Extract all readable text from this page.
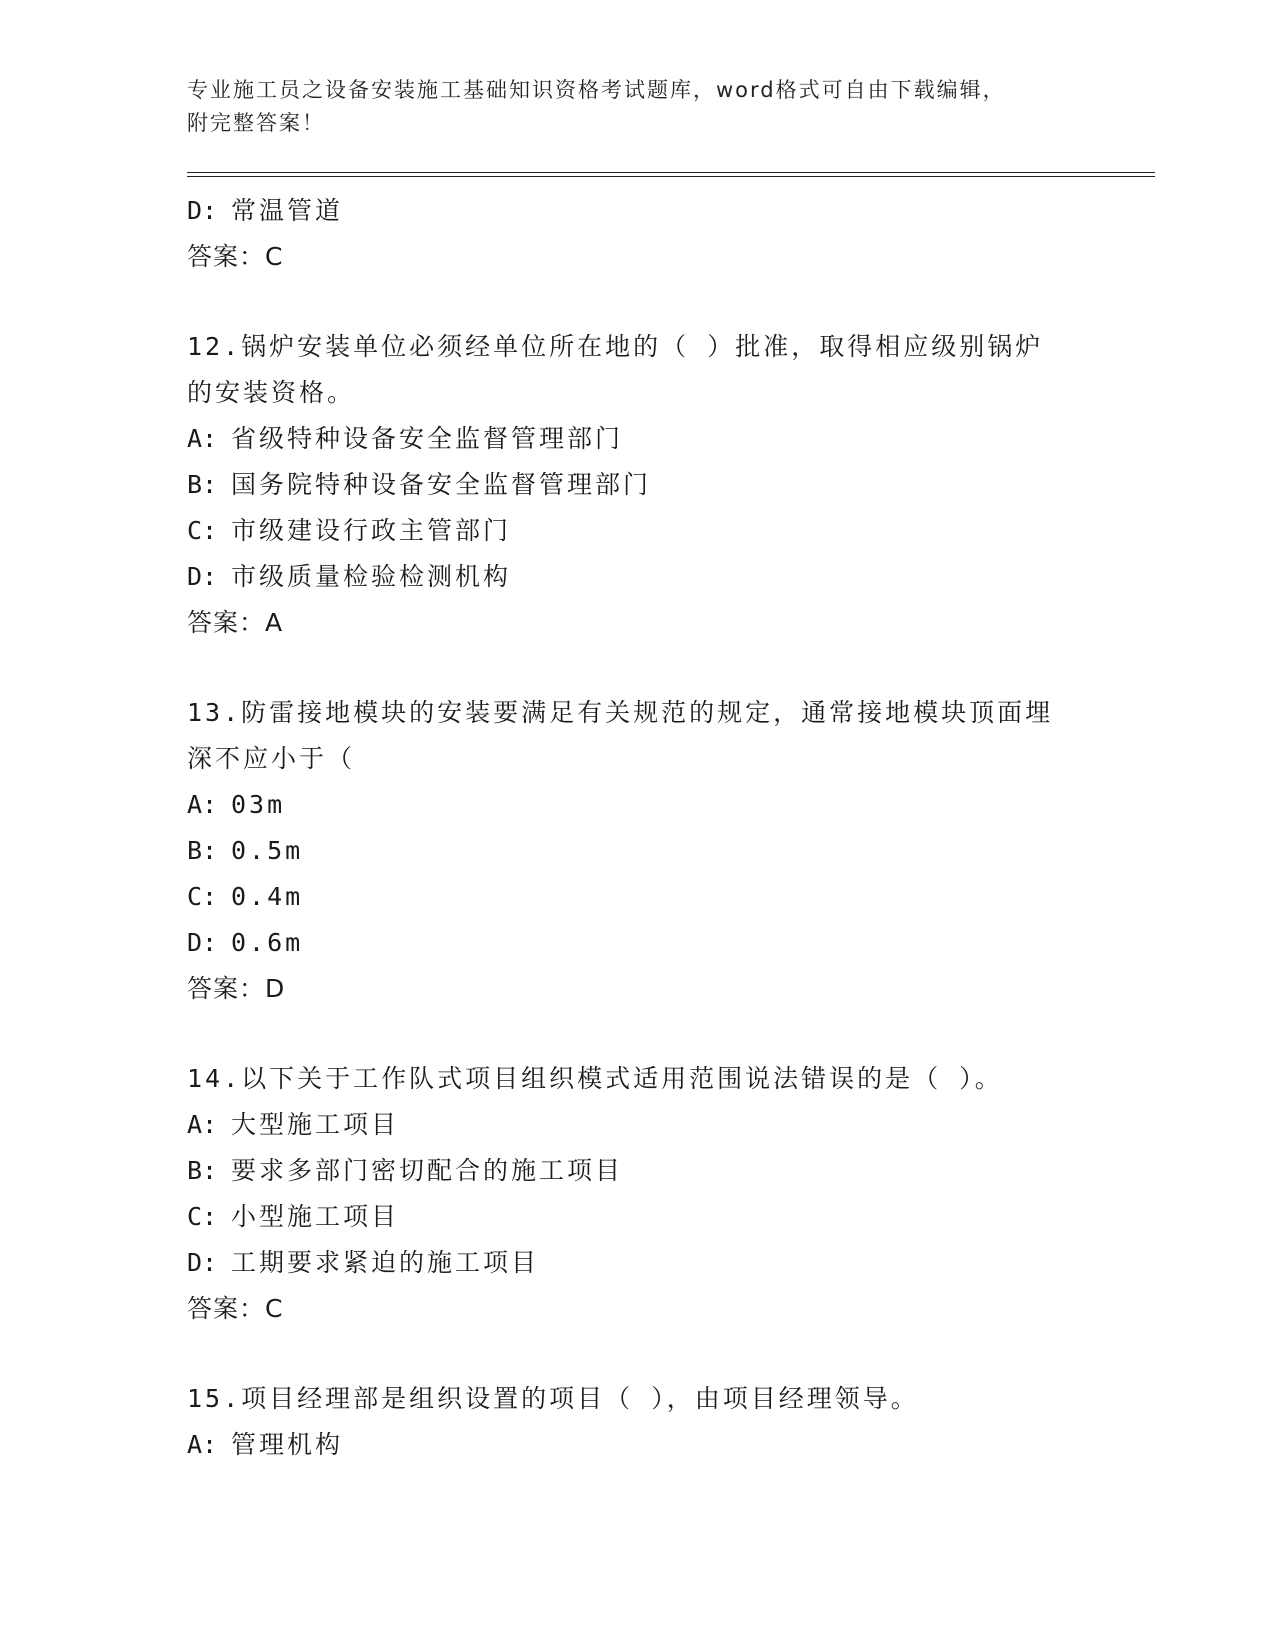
专业施工员之设备安装施工基础知识资格考试题库，word格式可自由下载编辑，
附完整答案！
D: 常温管道
答案：C
12.锅炉安装单位必须经单位所在地的（ ）批准，取得相应级别锅炉
的安装资格。
A: 省级特种设备安全监督管理部门
B: 国务院特种设备安全监督管理部门
C: 市级建设行政主管部门
D: 市级质量检验检测机构
答案：A
13.防雷接地模块的安装要满足有关规范的规定，通常接地模块顶面埋
深不应小于（
A: 03m
B: 0.5m
C: 0.4m
D: 0.6m
答案：D
14.以下关于工作队式项目组织模式适用范围说法错误的是（ ）。
A: 大型施工项目
B: 要求多部门密切配合的施工项目
C: 小型施工项目
D: 工期要求紧迫的施工项目
答案：C
15.项目经理部是组织设置的项目（ ），由项目经理领导。
A: 管理机构
